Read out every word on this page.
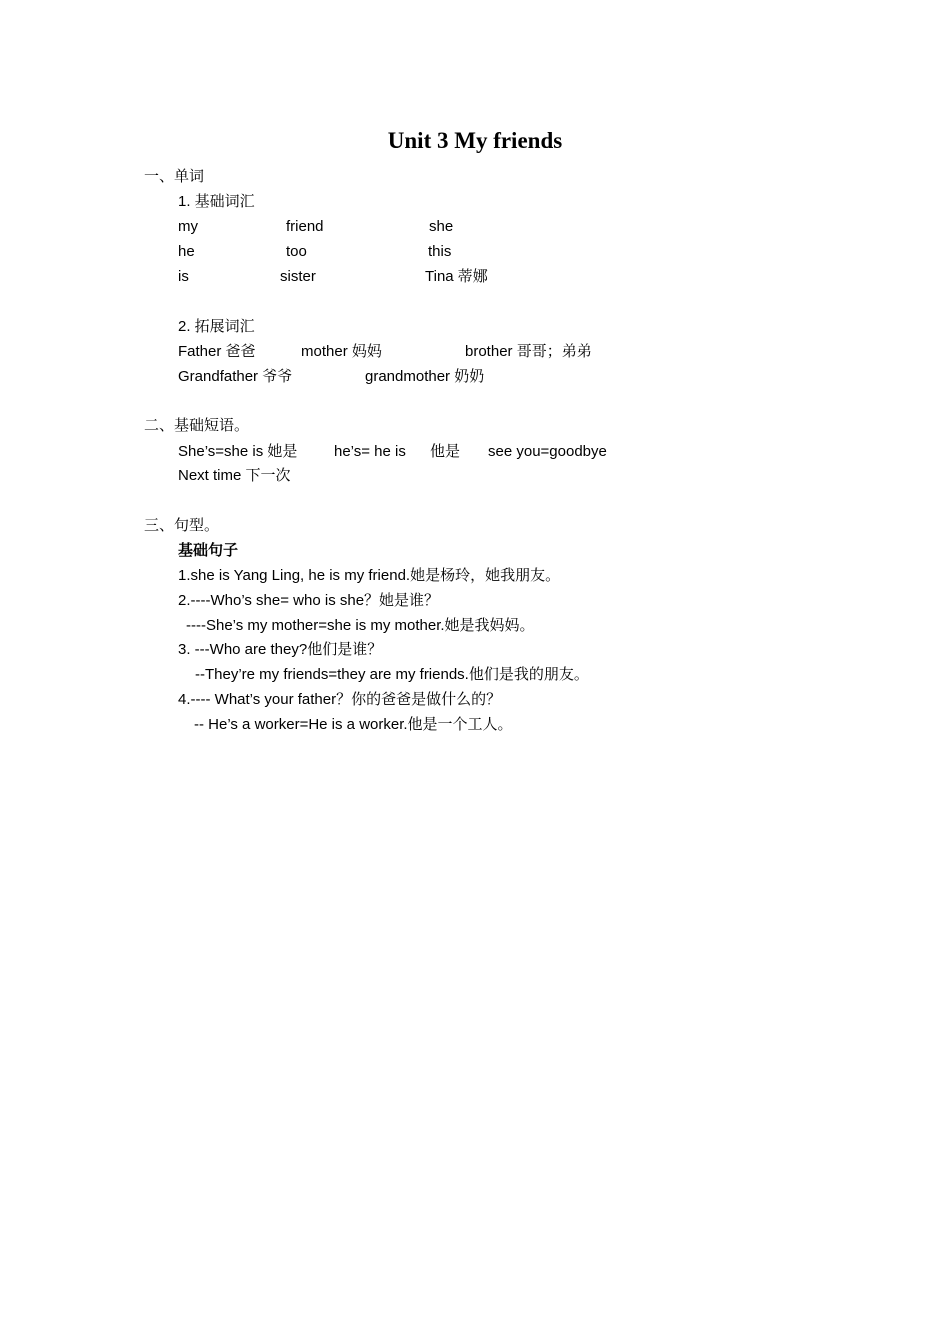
Unit 3 My friends
一、单词
1. 基础词汇
my	friend	she
he	too	this
is	sister	Tina 蒂娜
2. 拓展词汇
Father 爸爸	mother 妈妈	brother 哥哥；弟弟
Grandfather 爷爷	grandmother 奶奶
二、基础短语。
She’s=she is 她是 he’s= he is 他是 see you=goodbye
Next time 下一次
三、句型。
基础句子
1.she is Yang Ling, he is my friend.她是杨玲，她我朋友。
2.----Who’s she= who is she？她是谁？
----She’s my mother=she is my mother.她是我妈妈。
3. ---Who are they?他们是谁？
--They’re my friends=they are my friends.他们是我的朋友。
4.---- What’s your father？你的爸爸是做什么的？
-- He’s a worker=He is a worker.他是一个工人。
